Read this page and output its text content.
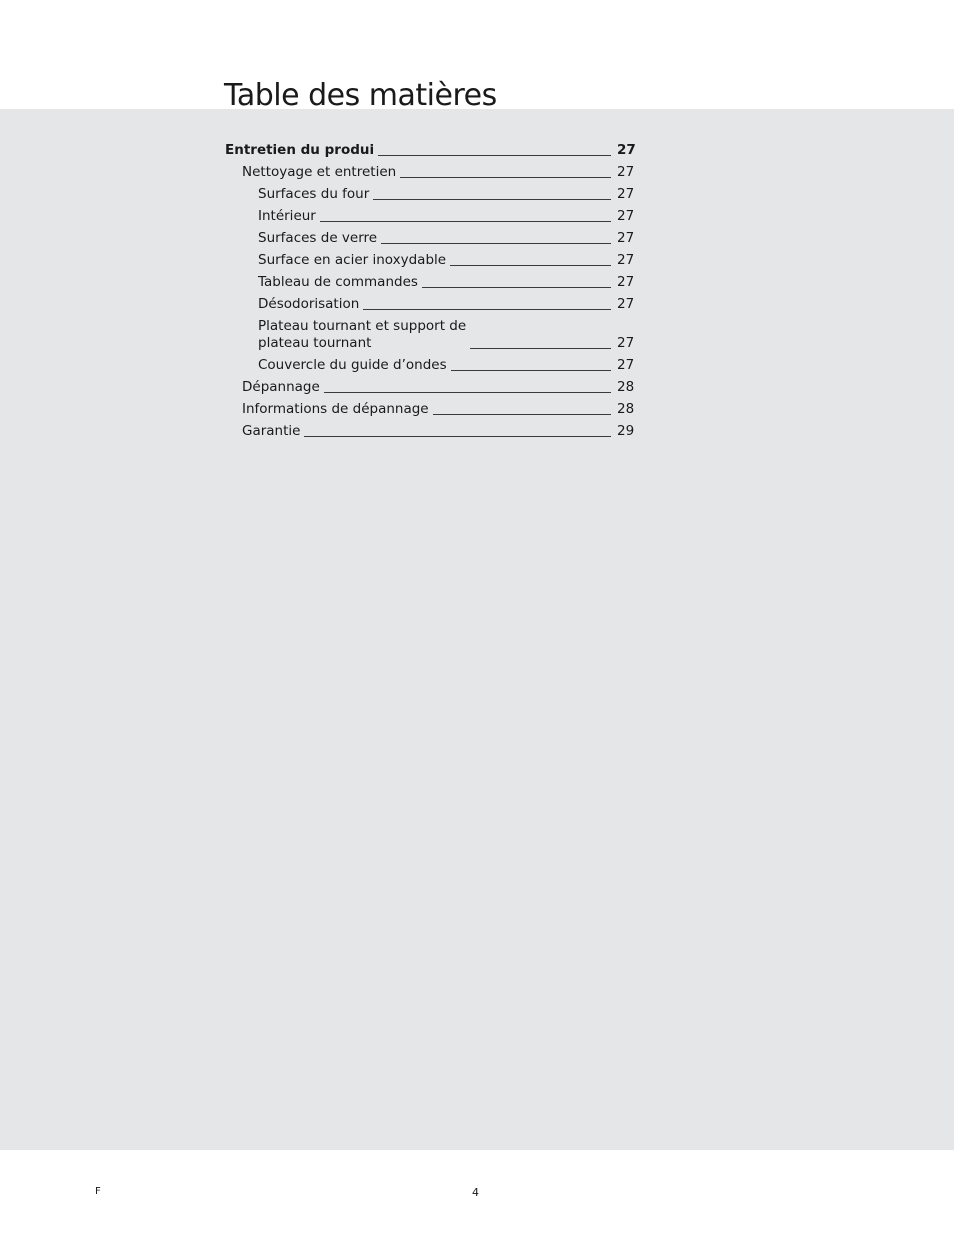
Table des matières
Entretien du produi	27
Nettoyage et entretien	27
Surfaces du four	27
Intérieur	27
Surfaces de verre	27
Surface en acier inoxydable	27
Tableau de commandes	27
Désodorisation	27
Plateau tournant et support de
plateau tournant	27
Couvercle du guide d’ondes	27
Dépannage	28
Informations de dépannage	28
Garantie	29
F	4
